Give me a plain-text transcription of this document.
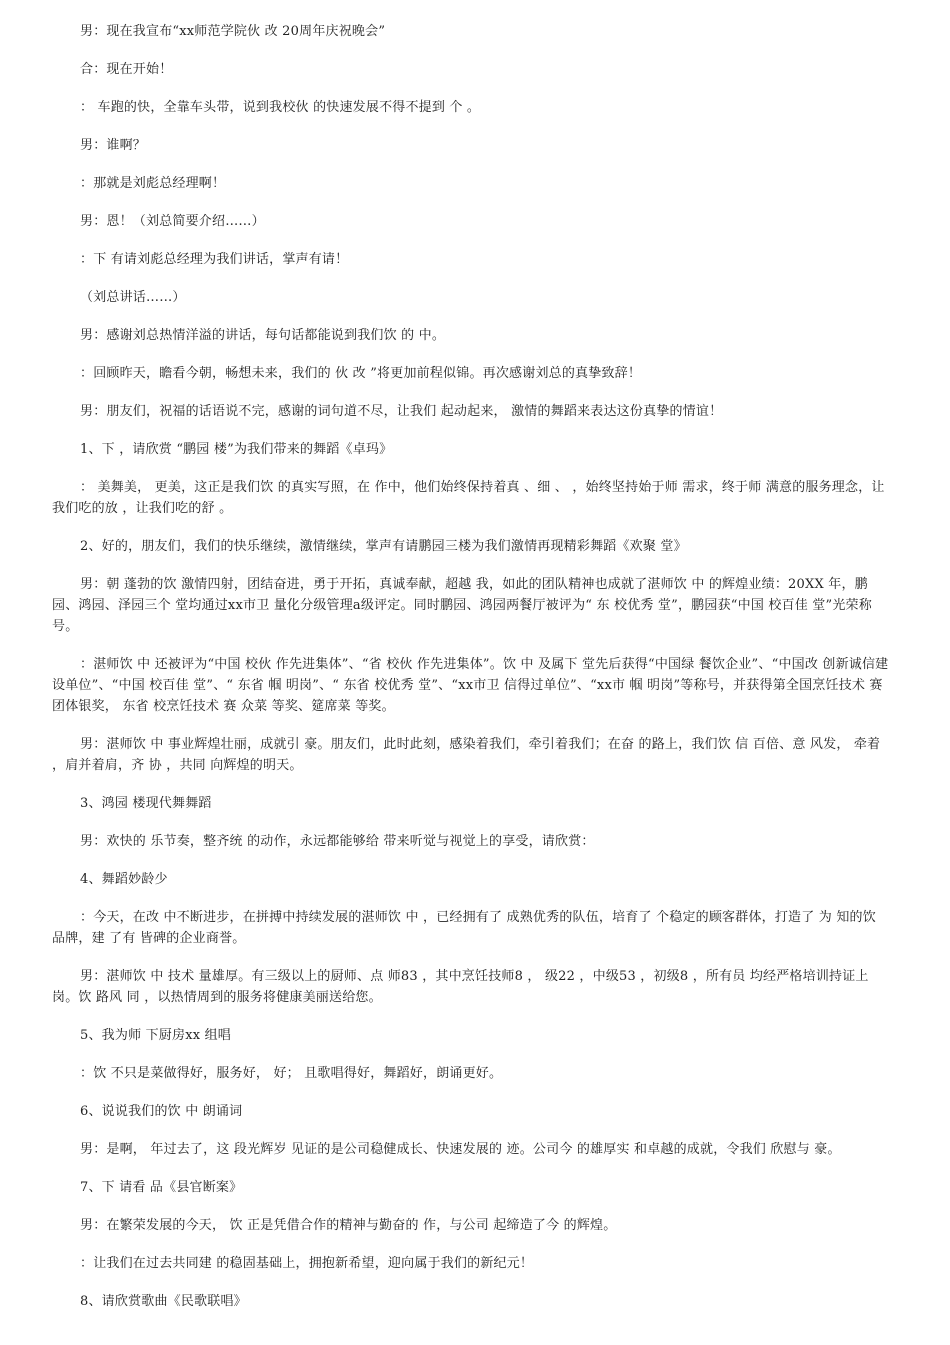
男：现在我宣布“xx师范学院伙 改 20周年庆祝晚会”

合：现在开始！

： 车跑的快，全靠车头带，说到我校伙 的快速发展不得不提到 个 。

男：谁啊？

：那就是刘彪总经理啊！

男：恩！（刘总简要介绍……）

：下 有请刘彪总经理为我们讲话，掌声有请！

（刘总讲话……）

男：感谢刘总热情洋溢的讲话，每句话都能说到我们饮 的 中。

：回顾昨天，瞻看今朝，畅想未来，我们的 伙 改 ”将更加前程似锦。再次感谢刘总的真挚致辞！

男：朋友们，祝福的话语说不完，感谢的词句道不尽，让我们 起动起来， 激情的舞蹈来表达这份真挚的情谊！

1、下 ，请欣赏 “鹏园 楼”为我们带来的舞蹈《卓玛》

： 美舞美， 更美，这正是我们饮 的真实写照，在 作中，他们始终保持着真 、细 、 ，始终坚持始于师 需求，终于师 满意的服务理念，让我们吃的放 ，让我们吃的舒 。

2、好的，朋友们，我们的快乐继续，激情继续，掌声有请鹏园三楼为我们激情再现精彩舞蹈《欢聚 堂》

男：朝 蓬勃的饮 激情四射，团结奋进，勇于开拓，真诚奉献，超越 我，如此的团队精神也成就了湛师饮 中 的辉煌业绩：20XX 年，鹏园、鸿园、泽园三个 堂均通过xx市卫 量化分级管理a级评定。同时鹏园、鸿园两餐厅被评为“ 东 校优秀 堂”，鹏园获“中国 校百佳 堂”光荣称号。

：湛师饮 中 还被评为“中国 校伙 作先进集体”、“省 校伙 作先进集体”。饮 中 及属下 堂先后获得“中国绿 餐饮企业”、“中国改 创新诚信建设单位”、“中国 校百佳 堂”、“ 东省 帼 明岗”、“ 东省 校优秀 堂”、“xx市卫 信得过单位”、“xx市 帼 明岗”等称号，并获得第全国烹饪技术 赛团体银奖， 东省 校烹饪技术 赛 众菜 等奖、筵席菜 等奖。

男：湛师饮 中 事业辉煌壮丽，成就引 豪。朋友们，此时此刻，感染着我们，牵引着我们；在奋 的路上，我们饮 信 百倍、意 风发， 牵着 ，肩并着肩，齐 协 ，共同 向辉煌的明天。

3、鸿园 楼现代舞舞蹈

男：欢快的 乐节奏，整齐统 的动作，永远都能够给 带来听觉与视觉上的享受，请欣赏：

4、舞蹈妙龄少

：今天，在改 中不断进步，在拼搏中持续发展的湛师饮 中 ，已经拥有了 成熟优秀的队伍，培育了 个稳定的顾客群体，打造了 为 知的饮 品牌，建 了有 皆碑的企业商誉。

男：湛师饮 中 技术 量雄厚。有三级以上的厨师、点 师83 ，其中烹饪技师8 ， 级22 ，中级53 ，初级8 ，所有员 均经严格培训持证上岗。饮 路风 同 ，以热情周到的服务将健康美丽送给您。

5、我为师 下厨房xx 组唱

：饮 不只是菜做得好，服务好， 好； 且歌唱得好，舞蹈好，朗诵更好。

6、说说我们的饮 中 朗诵词

男：是啊， 年过去了，这 段光辉岁 见证的是公司稳健成长、快速发展的 迹。公司今 的雄厚实 和卓越的成就，令我们 欣慰与 豪。

7、下 请看 品《县官断案》

男：在繁荣发展的今天， 饮 正是凭借合作的精神与勤奋的 作，与公司 起缔造了今 的辉煌。

：让我们在过去共同建 的稳固基础上，拥抱新希望，迎向属于我们的新纪元！

8、请欣赏歌曲《民歌联唱》
